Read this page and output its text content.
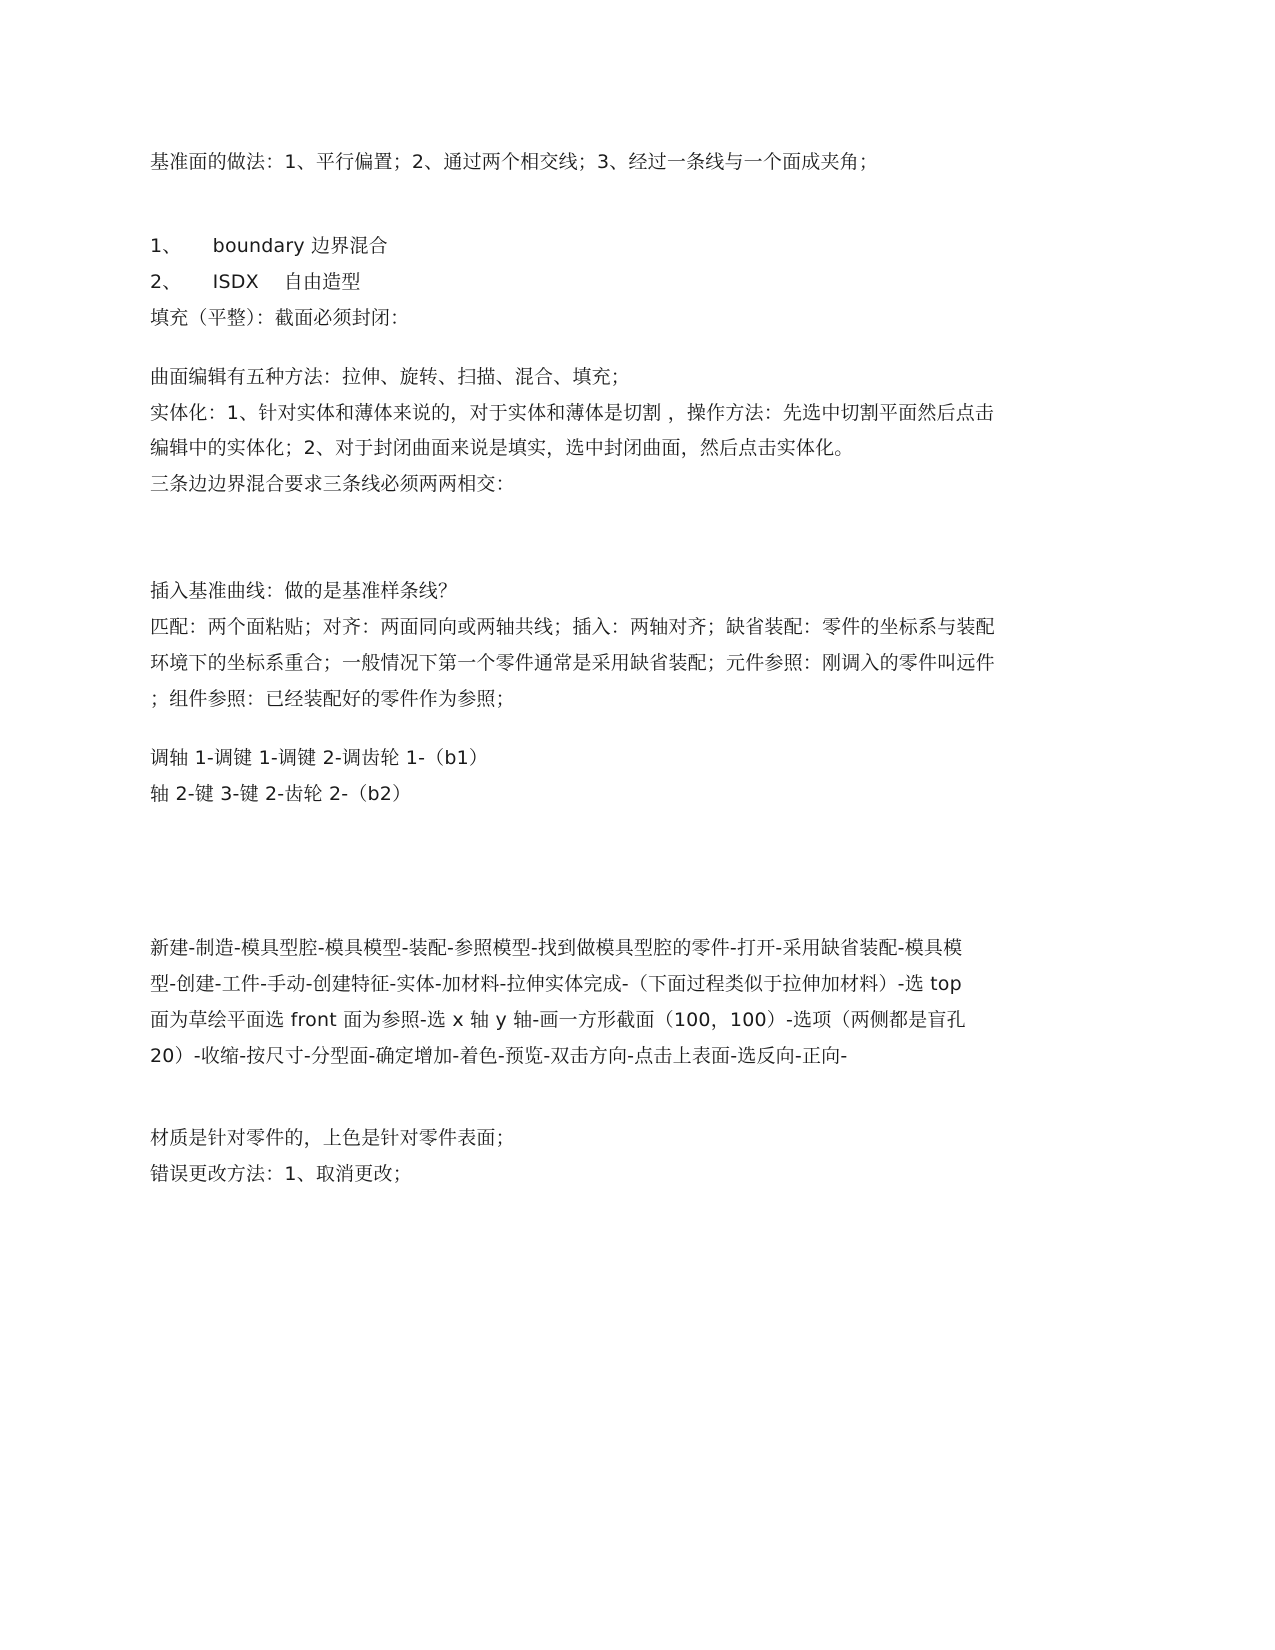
基准面的做法：1、平行偏置；2、通过两个相交线；3、经过一条线与一个面成夹角；
1、     boundary 边界混合
2、     ISDX    自由造型
填充（平整）：截面必须封闭：
曲面编辑有五种方法：拉伸、旋转、扫描、混合、填充；
实体化：1、针对实体和薄体来说的，对于实体和薄体是切割 ，操作方法：先选中切割平面然后点击
编辑中的实体化；2、对于封闭曲面来说是填实，选中封闭曲面，然后点击实体化。
三条边边界混合要求三条线必须两两相交：
插入基准曲线：做的是基准样条线？
匹配：两个面粘贴；对齐：两面同向或两轴共线；插入：两轴对齐；缺省装配：零件的坐标系与装配
环境下的坐标系重合；一般情况下第一个零件通常是采用缺省装配；元件参照：刚调入的零件叫远件
；组件参照：已经装配好的零件作为参照；
调轴 1-调键 1-调键 2-调齿轮 1-（b1）
轴 2-键 3-键 2-齿轮 2-（b2）
新建-制造-模具型腔-模具模型-装配-参照模型-找到做模具型腔的零件-打开-采用缺省装配-模具模
型-创建-工件-手动-创建特征-实体-加材料-拉伸实体完成-（下面过程类似于拉伸加材料）-选 top
面为草绘平面选 front 面为参照-选 x 轴 y 轴-画一方形截面（100，100）-选项（两侧都是盲孔
20）-收缩-按尺寸-分型面-确定增加-着色-预览-双击方向-点击上表面-选反向-正向-
材质是针对零件的，上色是针对零件表面；
错误更改方法：1、取消更改；
